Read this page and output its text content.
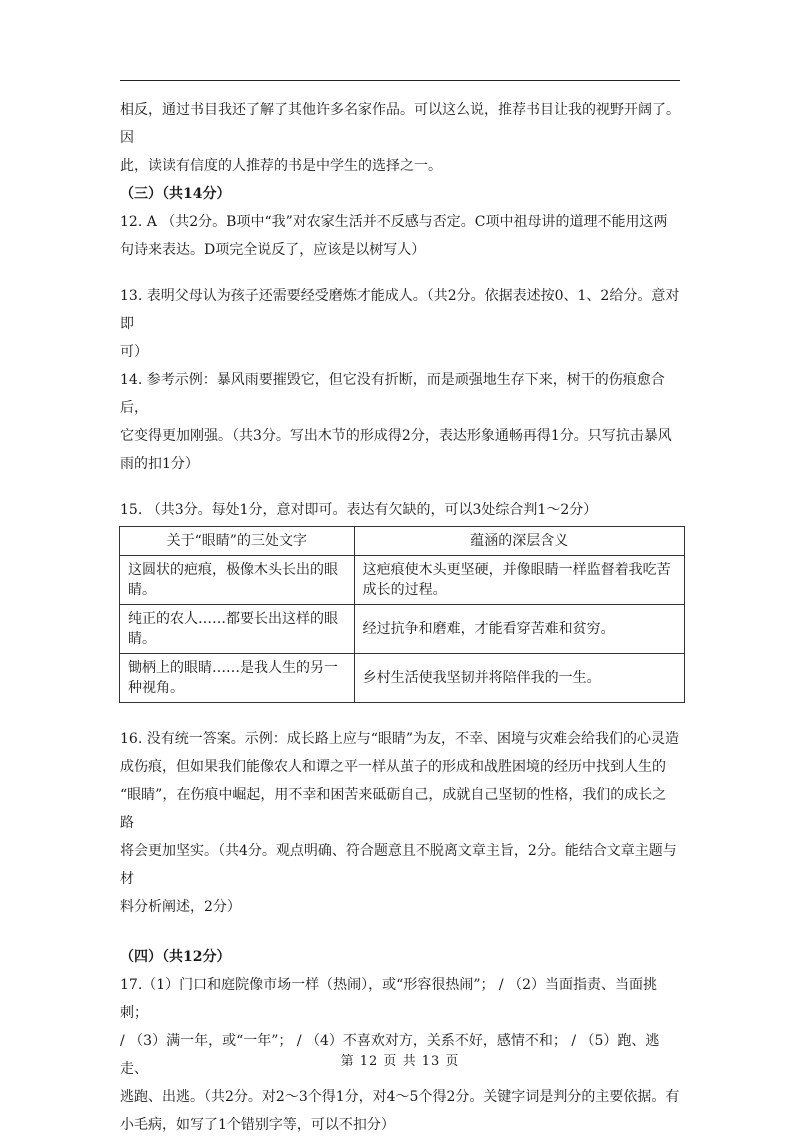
相反，通过书目我还了解了其他许多名家作品。可以这么说，推荐书目让我的视野开阔了。因

此，读读有信度的人推荐的书是中学生的选择之一。

（三）（共14分）

12. A （共2分。B项中“我”对农家生活并不反感与否定。C项中祖母讲的道理不能用这两

句诗来表达。D项完全说反了，应该是以树写人）

13. 表明父母认为孩子还需要经受磨炼才能成人。（共2分。依据表述按0、1、2给分。意对即

可）

14. 参考示例：暴风雨要摧毁它，但它没有折断，而是顽强地生存下来，树干的伤痕愈合后，

它变得更加刚强。（共3分。写出木节的形成得2分，表达形象通畅再得1分。只写抗击暴风

雨的扣1分）

15. （共3分。每处1分，意对即可。表达有欠缺的，可以3处综合判1～2分）

关于“眼睛”的三处文字	蕴涵的深层含义
这圆状的疤痕，极像木头长出的眼睛。	这疤痕使木头更坚硬，并像眼睛一样监督着我吃苦成长的过程。
纯正的农人……都要长出这样的眼睛。	经过抗争和磨难，才能看穿苦难和贫穷。
锄柄上的眼睛……是我人生的另一种视角。	乡村生活使我坚韧并将陪伴我的一生。

16. 没有统一答案。示例：成长路上应与“眼睛”为友，不幸、困境与灾难会给我们的心灵造

成伤痕，但如果我们能像农人和谭之平一样从茧子的形成和战胜困境的经历中找到人生的

“眼睛”，在伤痕中崛起，用不幸和困苦来砥砺自己，成就自己坚韧的性格，我们的成长之路

将会更加坚实。（共4分。观点明确、符合题意且不脱离文章主旨，2分。能结合文章主题与材

料分析阐述，2分）

（四）（共12分）

17.（1）门口和庭院像市场一样（热闹），或“形容很热闹”； / （2）当面指责、当面挑刺；

/ （3）满一年，或“一年”； / （4）不喜欢对方，关系不好，感情不和； / （5）跑、逃走、

逃跑、出逃。（共2分。对2～3个得1分，对4～5个得2分。关键字词是判分的主要依据。有

小毛病，如写了1个错别字等，可以不扣分）

第 12 页 共 13 页
